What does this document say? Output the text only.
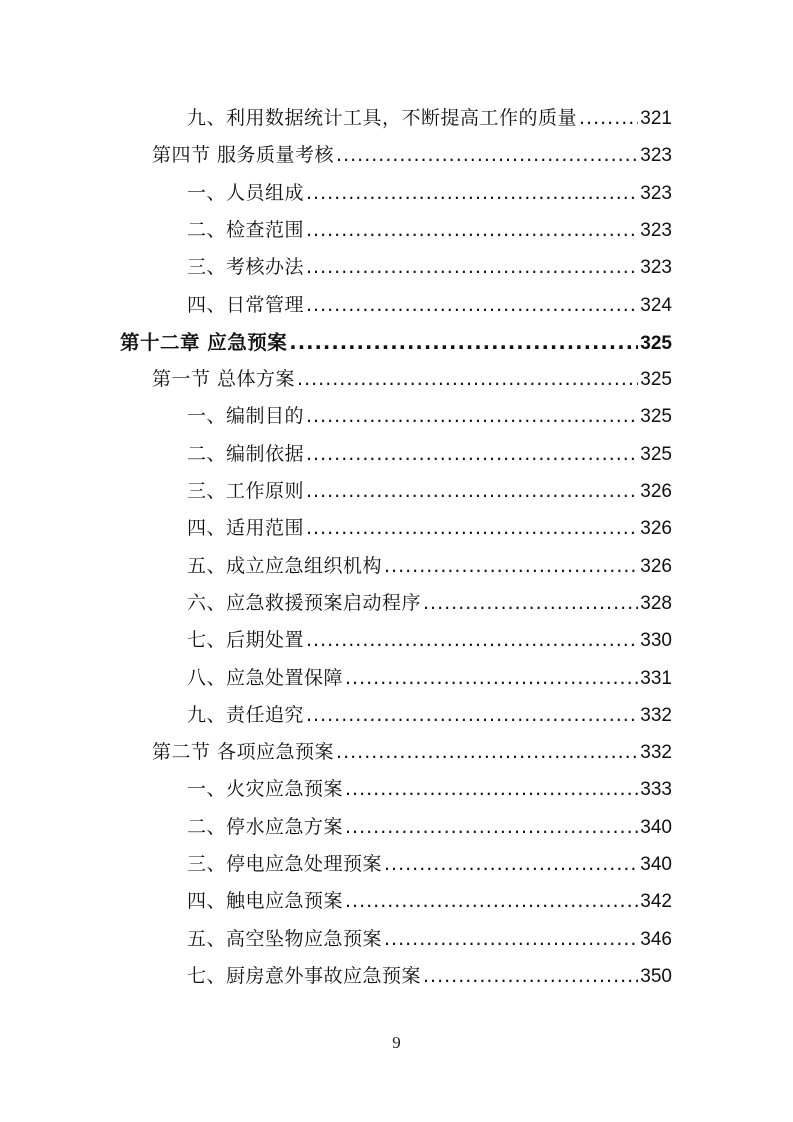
九、利用数据统计工具，不断提高工作的质量 .....	321
第四节 服务质量考核 .....	323
一、人员组成 .....	323
二、检查范围 .....	323
三、考核办法 .....	323
四、日常管理 .....	324
第十二章 应急预案 .....	325
第一节 总体方案 .....	325
一、编制目的 .....	325
二、编制依据 .....	325
三、工作原则 .....	326
四、适用范围 .....	326
五、成立应急组织机构 .....	326
六、应急救援预案启动程序 .....	328
七、后期处置 .....	330
八、应急处置保障 .....	331
九、责任追究 .....	332
第二节 各项应急预案 .....	332
一、火灾应急预案 .....	333
二、停水应急方案 .....	340
三、停电应急处理预案 .....	340
四、触电应急预案 .....	342
五、高空坠物应急预案 .....	346
七、厨房意外事故应急预案 .....	350
9
